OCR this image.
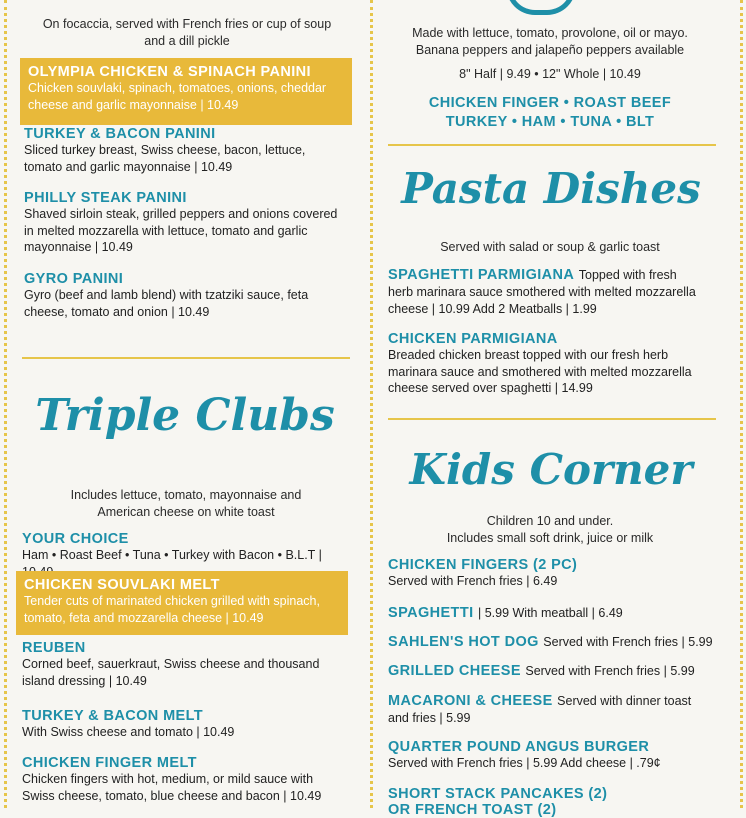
On focaccia, served with French fries or cup of soup and a dill pickle
OLYMPIA CHICKEN & SPINACH PANINI
Chicken souvlaki, spinach, tomatoes, onions, cheddar cheese and garlic mayonnaise | 10.49
TURKEY & BACON PANINI
Sliced turkey breast, Swiss cheese, bacon, lettuce, tomato and garlic mayonnaise | 10.49
PHILLY STEAK PANINI
Shaved sirloin steak, grilled peppers and onions covered in melted mozzarella with lettuce, tomato and garlic mayonnaise | 10.49
GYRO PANINI
Gyro (beef and lamb blend) with tzatziki sauce, feta cheese, tomato and onion | 10.49
Triple Clubs
Includes lettuce, tomato, mayonnaise and American cheese on white toast
YOUR CHOICE
Ham • Roast Beef • Tuna • Turkey with Bacon • B.L.T |
CHICKEN SOUVLAKI MELT
Tender cuts of marinated chicken grilled with spinach, tomato, feta and mozzarella cheese | 10.49
REUBEN
Corned beef, sauerkraut, Swiss cheese and thousand island dressing | 10.49
TURKEY & BACON MELT
With Swiss cheese and tomato | 10.49
CHICKEN FINGER MELT
Chicken fingers with hot, medium, or mild sauce with Swiss cheese, tomato, blue cheese and bacon | 10.49
Made with lettuce, tomato, provolone, oil or mayo. Banana peppers and jalapeño peppers available
8" Half | 9.49 • 12" Whole | 10.49
CHICKEN FINGER • ROAST BEEF
TURKEY • HAM • TUNA • BLT
Pasta Dishes
Served with salad or soup & garlic toast
SPAGHETTI PARMIGIANA Topped with fresh
herb marinara sauce smothered with melted mozzarella cheese | 10.99 Add 2 Meatballs | 1.99
CHICKEN PARMIGIANA
Breaded chicken breast topped with our fresh herb marinara sauce and smothered with melted mozzarella cheese served over spaghetti | 14.99
Kids Corner
Children 10 and under.
Includes small soft drink, juice or milk
CHICKEN FINGERS (2 PC)
Served with French fries | 6.49
SPAGHETTI | 5.99 With meatball | 6.49
SAHLEN'S HOT DOG Served with French fries | 5.99
GRILLED CHEESE Served with French fries | 5.99
MACARONI & CHEESE Served with dinner toast
and fries | 5.99
QUARTER POUND ANGUS BURGER
Served with French fries | 5.99 Add cheese | .79¢
SHORT STACK PANCAKES (2)
OR FRENCH TOAST (2)
